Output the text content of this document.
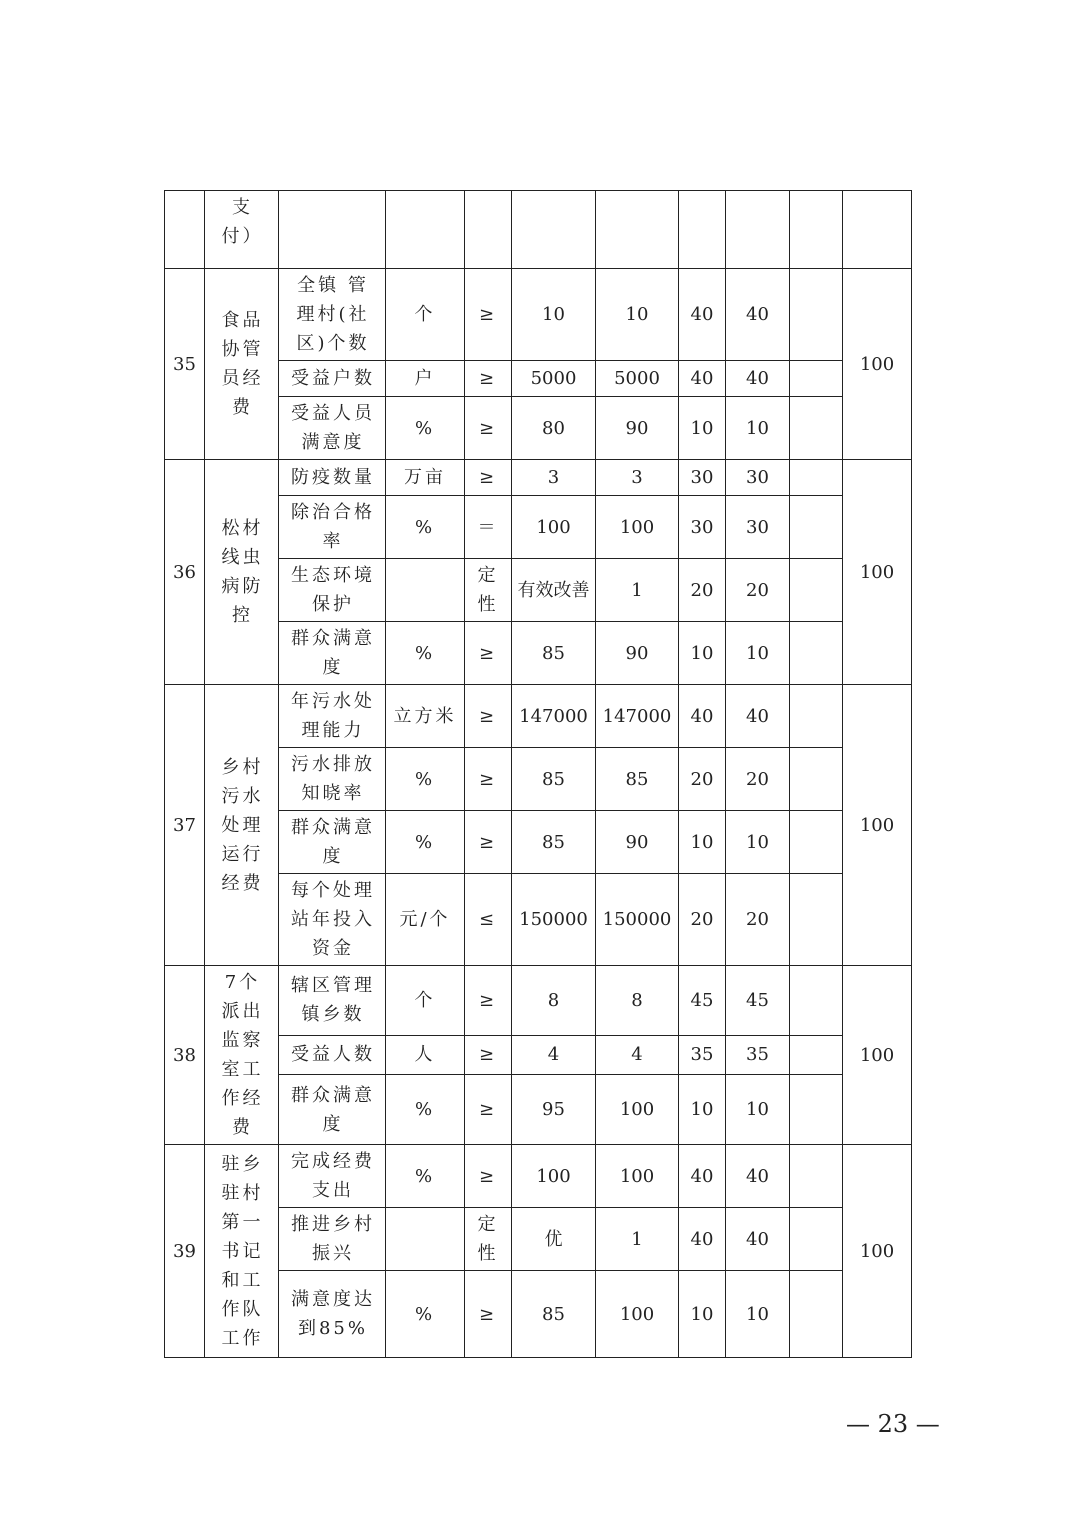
	支付）									
35	食品协管员经费	全镇 管理村(社区)个数	个	≥	10	10	40	40		100
		受益户数	户	≥	5000	5000	40	40		
		受益人员满意度	%	≥	80	90	10	10		
36	松材线虫病防控	防疫数量	万亩	≥	3	3	30	30		100
		除治合格率	%	＝	100	100	30	30		
		生态环境保护		定性	有效改善	1	20	20		
		群众满意度	%	≥	85	90	10	10		
37	乡村污水处理运行经费	年污水处理能力	立方米	≥	147000	147000	40	40		100
		污水排放知晓率	%	≥	85	85	20	20		
		群众满意度	%	≥	85	90	10	10		
		每个处理站年投入资金	元/个	≤	150000	150000	20	20		
38	7个派出监察室工作经费	辖区管理镇乡数	个	≥	8	8	45	45		100
		受益人数	人	≥	4	4	35	35		
		群众满意度	%	≥	95	100	10	10		
39	驻乡驻村第一书记和工作队工作	完成经费支出	%	≥	100	100	40	40		100
		推进乡村振兴		定性	优	1	40	40		
		满意度达到85%	%	≥	85	100	10	10		
— 23 —
